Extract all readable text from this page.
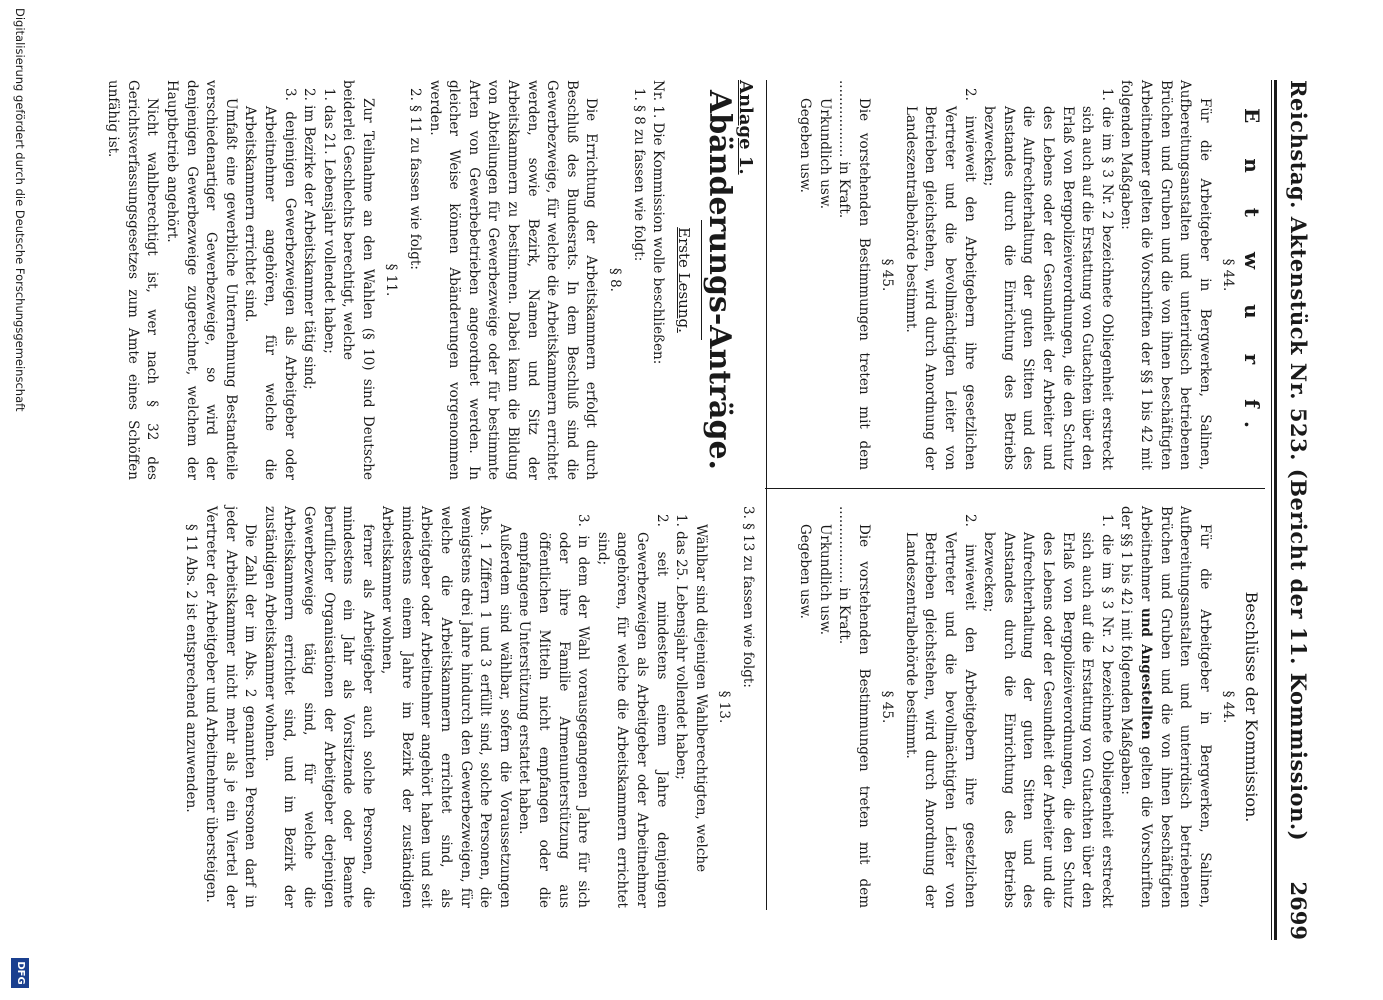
Reichstag. Aktenstück Nr. 523. (Bericht der 11. Kommission.)
2699

E n t w u r f.

§ 44.

Für die Arbeitgeber in Bergwerken, Salinen, Aufbereitungsanstalten und unterirdisch betriebenen Brüchen und Gruben und die von ihnen beschäftigten Arbeitnehmer gelten die Vorschriften der §§ 1 bis 42 mit folgenden Maßgaben:

1. die im § 3 Nr. 2 bezeichnete Obliegenheit erstreckt sich auch auf die Erstattung von Gutachten über den Erlaß von Bergpolizeiverordnungen, die den Schutz des Lebens oder der Gesundheit der Arbeiter und die Aufrechterhaltung der guten Sitten und des Anstandes durch die Einrichtung des Betriebs bezwecken;

2. inwieweit den Arbeitgebern ihre gesetzlichen Vertreter und die bevollmächtigten Leiter von Betrieben gleichstehen, wird durch Anordnung der Landeszentralbehörde bestimmt.

§ 45.

Die vorstehenden Bestimmungen treten mit dem .................. in Kraft.

Urkundlich usw.

Gegeben usw.

Beschlüsse der Kommission.

§ 44.

Für die Arbeitgeber in Bergwerken, Salinen, Aufbereitungsanstalten und unterirdisch betriebenen Brüchen und Gruben und die von ihnen beschäftigten Arbeitnehmer und Angestellten gelten die Vorschriften der §§ 1 bis 42 i mit folgenden Maßgaben:

1. die im § 3 Nr. 2 bezeichnete Obliegenheit erstreckt sich auch auf die Erstattung von Gutachten über den Erlaß von Bergpolizeiverordnungen, die den Schutz des Lebens oder der Gesundheit der Arbeiter und die Aufrechterhaltung der guten Sitten und des Anstandes durch die Einrichtung des Betriebs bezwecken;

2. inwieweit den Arbeitgebern ihre gesetzlichen Vertreter und die bevollmächtigten Leiter von Betrieben gleichstehen, wird durch Anordnung der Landeszentralbehörde bestimmt.

§ 45.

Die vorstehenden Bestimmungen treten mit dem .................. in Kraft.

Urkundlich usw.

Gegeben usw.

Anlage 1.

Abänderungs-Anträge.

Erste Lesung.

Nr. 1. Die Kommission wolle beschließen:

1. § 8 zu fassen wie folgt:

§ 8.

Die Errichtung der Arbeitskammern erfolgt durch Beschluß des Bundesrats. In dem Beschluß sind die Gewerbezweige, für welche die Arbeitskammern errichtet werden, sowie Bezirk, Namen und Sitz der Arbeitskammern zu bestimmen. Dabei kann die Bildung von Abteilungen für Gewerbezweige oder für bestimmte Arten von Gewerbebetrieben angeordnet werden. In gleicher Weise können Abänderungen vorgenommen werden.

2. § 11 zu fassen wie folgt:

§ 11.

Zur Teilnahme an den Wahlen (§ 10) sind Deutsche beiderlei Geschlechts berechtigt, welche

1. das 21. Lebensjahr vollendet haben;

2. im Bezirke der Arbeitskammer tätig sind;

3. denjenigen Gewerbezweigen als Arbeitgeber oder Arbeitnehmer angehören, für welche die Arbeitskammern errichtet sind.

Umfaßt eine gewerbliche Unternehmung Bestandteile verschiedenartiger Gewerbezweige, so wird der denjenigen Gewerbezweige zugerechnet, welchem der Hauptbetrieb angehört.

Nicht wahlberechtigt ist, wer nach § 32 des Gerichtsverfassungsgesetzes zum Amte eines Schöffen unfähig ist.

3. § 13 zu fassen wie folgt:

§ 13.

Wählbar sind diejenigen Wahlberechtigten, welche

1. das 25. Lebensjahr vollendet haben;

2. seit mindestens einem Jahre denjenigen Gewerbezweigen als Arbeitgeber oder Arbeitnehmer angehören, für welche die Arbeitskammern errichtet sind;

3. in dem der Wahl vorausgegangenen Jahre für sich oder ihre Familie Armenunterstützung aus öffentlichen Mitteln nicht empfangen oder die empfangene Unterstützung erstattet haben.

Außerdem sind wählbar, sofern die Voraussetzungen Abs. 1 Ziffern 1 und 3 erfüllt sind, solche Personen, die wenigstens drei Jahre hindurch den Gewerbezweigen, für welche die Arbeitskammern errichtet sind, als Arbeitgeber oder Arbeitnehmer angehört haben und seit mindestens einem Jahre im Bezirk der zuständigen Arbeitskammer wohnen,

ferner als Arbeitgeber auch solche Personen, die mindestens ein Jahr als Vorsitzende oder Beamte beruflicher Organisationen der Arbeitgeber derjenigen Gewerbezweige tätig sind, für welche die Arbeitskammern errichtet sind, und im Bezirk der zuständigen Arbeitskammer wohnen.

Die Zahl der im Abs. 2 genannten Personen darf in jeder Arbeitskammer nicht mehr als je ein Viertel der Vertreter der Arbeitgeber und Arbeitnehmer übersteigen.

§ 11 Abs. 2 ist entsprechend anzuwenden.

Digitalisierung gefördert durch die Deutsche Forschungsgemeinschaft
DFG
